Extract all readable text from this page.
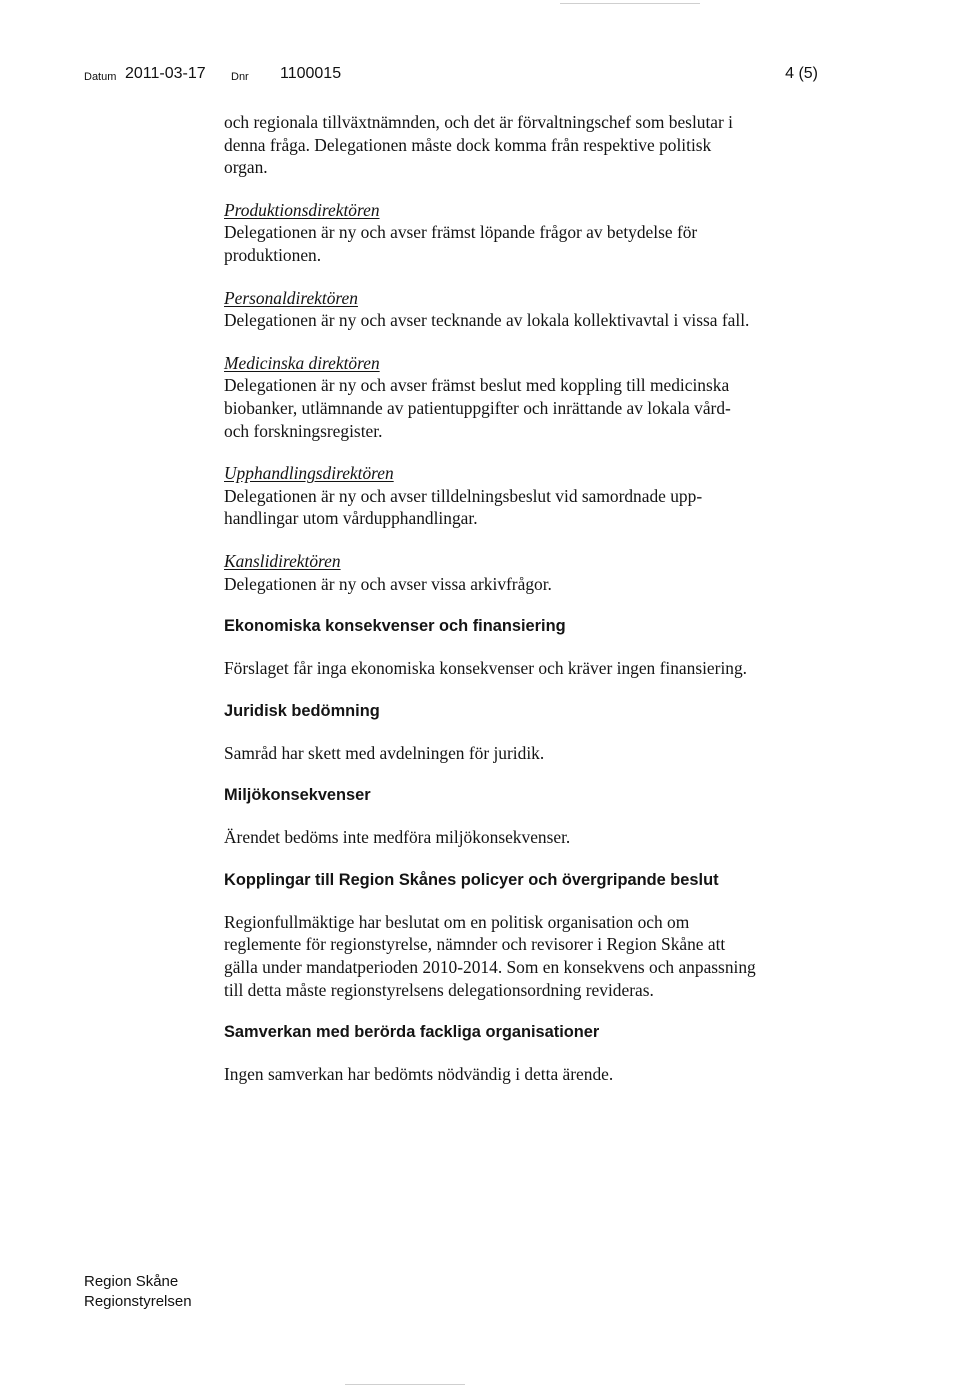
Datum 2011-03-17 Dnr 1100015	4 (5)

och regionala tillväxtnämnden, och det är förvaltningschef som beslutar i

denna fråga. Delegationen måste dock komma från respektive politisk

organ.

Produktionsdirektören

Delegationen är ny och avser främst löpande frågor av betydelse för

produktionen.

Personaldirektören

Delegationen är ny och avser tecknande av lokala kollektivavtal i vissa fall.

Medicinska direktören

Delegationen är ny och avser främst beslut med koppling till medicinska

biobanker, utlämnande av patientuppgifter och inrättande av lokala vård-

och forskningsregister.

Upphandlingsdirektören

Delegationen är ny och avser tilldelningsbeslut vid samordnade upp-

handlingar utom vårdupphandlingar.

Kanslidirektören

Delegationen är ny och avser vissa arkivfrågor.

Ekonomiska konsekvenser och finansiering

Förslaget får inga ekonomiska konsekvenser och kräver ingen finansiering.

Juridisk bedömning

Samråd har skett med avdelningen för juridik.

Miljökonsekvenser

Ärendet bedöms inte medföra miljökonsekvenser.

Kopplingar till Region Skånes policyer och övergripande beslut

Regionfullmäktige har beslutat om en politisk organisation och om

reglemente för regionstyrelse, nämnder och revisorer i Region Skåne att

gälla under mandatperioden 2010-2014. Som en konsekvens och anpassning

till detta måste regionstyrelsens delegationsordning revideras.

Samverkan med berörda fackliga organisationer

Ingen samverkan har bedömts nödvändig i detta ärende.

Region Skåne
Regionstyrelsen
